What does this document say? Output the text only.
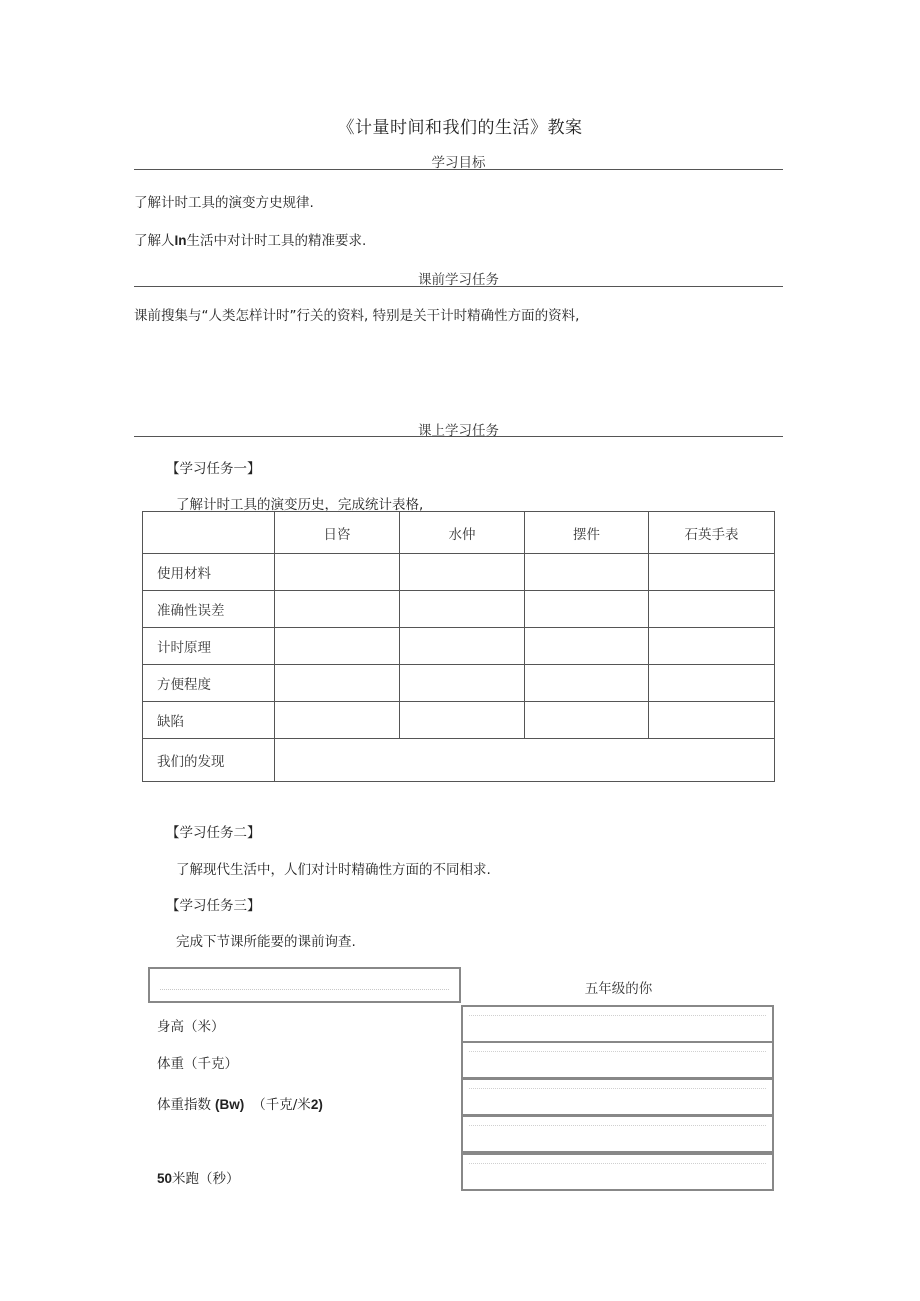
《计量时间和我们的生活》教案
学习目标
了解计时工具的演变方史规律.
了解人In生活中对计时工具的精准要求.
课前学习任务
课前搜集与“人类怎样计时”行关的资料, 特别是关干计时精确性方面的资料,
课上学习任务
【学习任务一】
了解计时工具的演变历史，完成统计表格,
	日咨	水仲	摆件	石英手表
使用材料				
准确性误差				
计时原理				
方便程度				
缺陷				
我们的发现				
【学习任务二】
了解现代生活中，人们对计时精确性方面的不同相求.
【学习任务三】
完成下节课所能要的课前询查.
五年级的你
身高（米）
体重（千克）
体重指数 (Bw) （千克/米2)
50米跑（秒）
